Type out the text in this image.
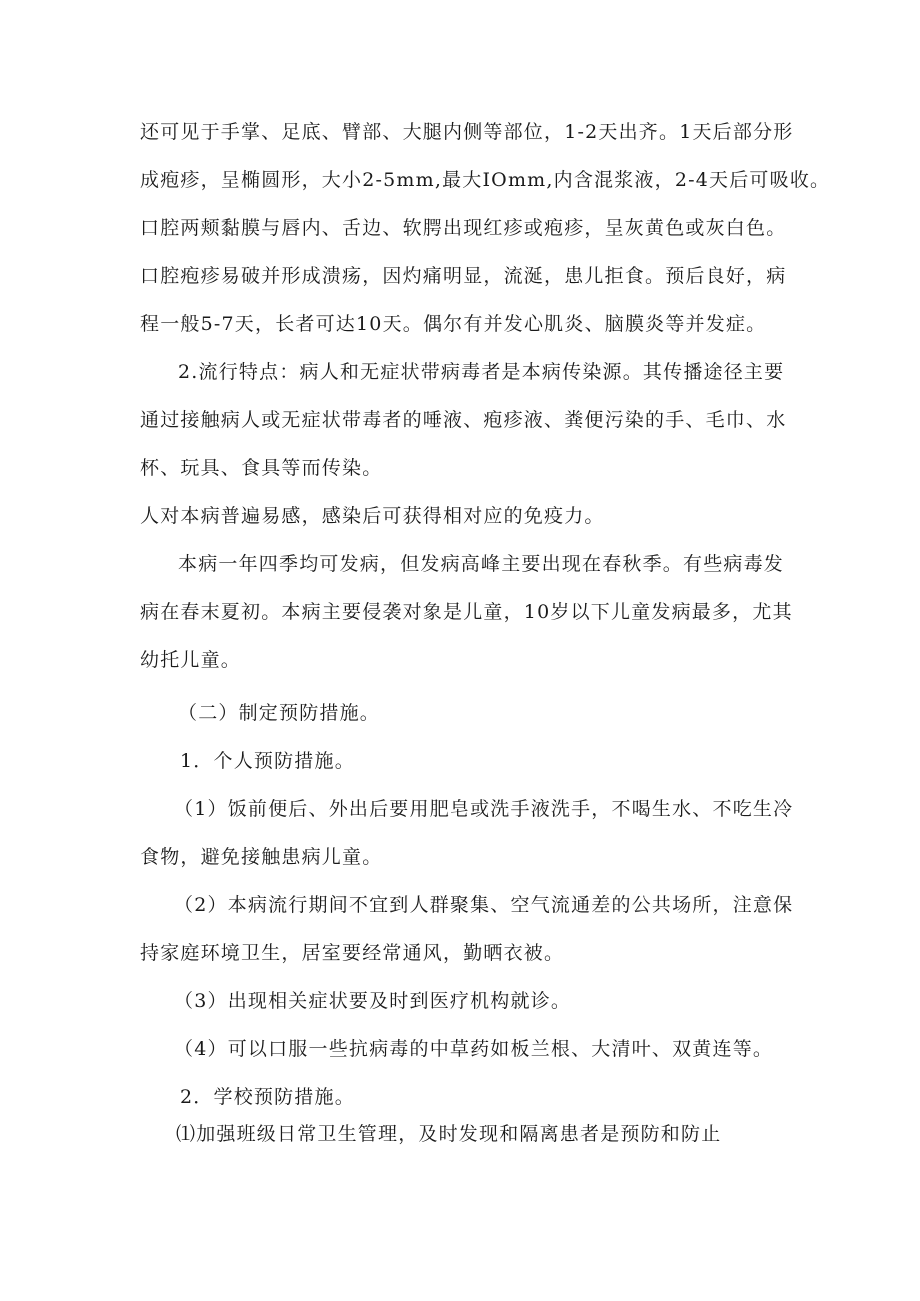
还可见于手掌、足底、臂部、大腿内侧等部位，1-2天出齐。1天后部分形
成疱疹，呈椭圆形，大小2-5mm,最大IOmm,内含混浆液，2-4天后可吸收。
口腔两颊黏膜与唇内、舌边、软腭出现红疹或疱疹，呈灰黄色或灰白色。
口腔疱疹易破并形成溃疡，因灼痛明显，流涎，患儿拒食。预后良好，病
程一般5-7天，长者可达10天。偶尔有并发心肌炎、脑膜炎等并发症。
2.流行特点：病人和无症状带病毒者是本病传染源。其传播途径主要
通过接触病人或无症状带毒者的唾液、疱疹液、粪便污染的手、毛巾、水
杯、玩具、食具等而传染。
人对本病普遍易感，感染后可获得相对应的免疫力。
本病一年四季均可发病，但发病高峰主要出现在春秋季。有些病毒发
病在春末夏初。本病主要侵袭对象是儿童，10岁以下儿童发病最多，尤其
幼托儿童。
（二）制定预防措施。
1．个人预防措施。
（1）饭前便后、外出后要用肥皂或洗手液洗手，不喝生水、不吃生冷
食物，避免接触患病儿童。
（2）本病流行期间不宜到人群聚集、空气流通差的公共场所，注意保
持家庭环境卫生，居室要经常通风，勤晒衣被。
（3）出现相关症状要及时到医疗机构就诊。
（4）可以口服一些抗病毒的中草药如板兰根、大清叶、双黄连等。
2．学校预防措施。
⑴加强班级日常卫生管理，及时发现和隔离患者是预防和防止
